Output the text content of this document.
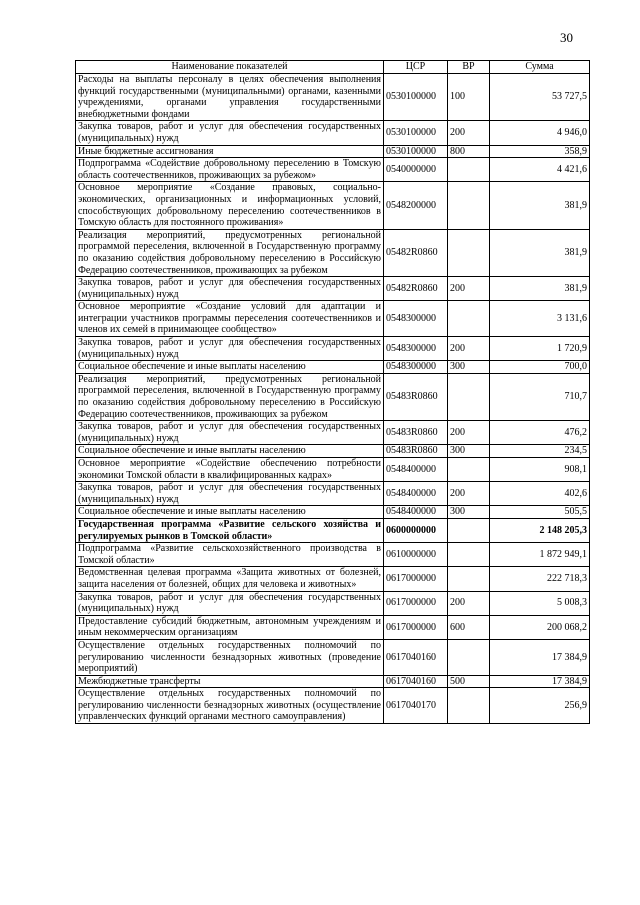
30
Наименование показателей	ЦСР	ВР	Сумма
Расходы на выплаты персоналу в целях обеспечения выполнения функций государственными (муниципальными) органами, казенными учреждениями, органами управления государственными внебюджетными фондами	0530100000	100	53 727,5
Закупка товаров, работ и услуг для обеспечения государственных (муниципальных) нужд	0530100000	200	4 946,0
Иные бюджетные ассигнования	0530100000	800	358,9
Подпрограмма «Содействие добровольному переселению в Томскую область соотечественников, проживающих за рубежом»	0540000000		4 421,6
Основное мероприятие «Создание правовых, социально-экономических, организационных и информационных условий, способствующих добровольному переселению соотечественников в Томскую область для постоянного проживания»	0548200000		381,9
Реализация мероприятий, предусмотренных региональной программой переселения, включенной в Государственную программу по оказанию содействия добровольному переселению в Российскую Федерацию соотечественников, проживающих за рубежом	05482R0860		381,9
Закупка товаров, работ и услуг для обеспечения государственных (муниципальных) нужд	05482R0860	200	381,9
Основное мероприятие «Создание условий для адаптации и интеграции участников программы переселения соотечественников и членов их семей в принимающее сообщество»	0548300000		3 131,6
Закупка товаров, работ и услуг для обеспечения государственных (муниципальных) нужд	0548300000	200	1 720,9
Социальное обеспечение и иные выплаты населению	0548300000	300	700,0
Реализация мероприятий, предусмотренных региональной программой переселения, включенной в Государственную программу по оказанию содействия добровольному переселению в Российскую Федерацию соотечественников, проживающих за рубежом	05483R0860		710,7
Закупка товаров, работ и услуг для обеспечения государственных (муниципальных) нужд	05483R0860	200	476,2
Социальное обеспечение и иные выплаты населению	05483R0860	300	234,5
Основное мероприятие «Содействие обеспечению потребности экономики Томской области в квалифицированных кадрах»	0548400000		908,1
Закупка товаров, работ и услуг для обеспечения государственных (муниципальных) нужд	0548400000	200	402,6
Социальное обеспечение и иные выплаты населению	0548400000	300	505,5
Государственная программа «Развитие сельского хозяйства и регулируемых рынков в Томской области»	0600000000		2 148 205,3
Подпрограмма «Развитие сельскохозяйственного производства в Томской области»	0610000000		1 872 949,1
Ведомственная целевая программа «Защита животных от болезней, защита населения от болезней, общих для человека и животных»	0617000000		222 718,3
Закупка товаров, работ и услуг для обеспечения государственных (муниципальных) нужд	0617000000	200	5 008,3
Предоставление субсидий бюджетным, автономным учреждениям и иным некоммерческим организациям	0617000000	600	200 068,2
Осуществление отдельных государственных полномочий по регулированию численности безнадзорных животных (проведение мероприятий)	0617040160		17 384,9
Межбюджетные трансферты	0617040160	500	17 384,9
Осуществление отдельных государственных полномочий по регулированию численности безнадзорных животных (осуществление управленческих функций органами местного самоуправления)	0617040170		256,9
